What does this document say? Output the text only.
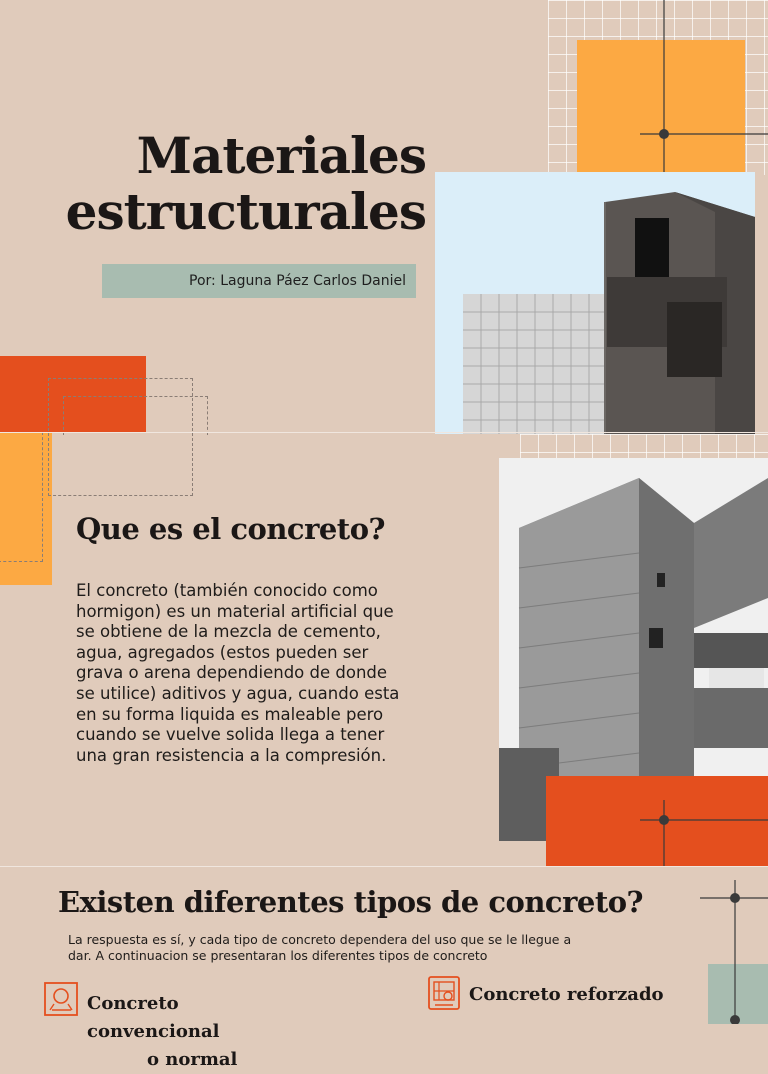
Materiales
estructurales
Por: Laguna Páez Carlos Daniel
Que es el concreto?
El concreto (también conocido como
hormigon) es un material artificial que
se obtiene de la mezcla de cemento,
agua, agregados (estos pueden ser
grava o arena dependiendo de donde
se utilice) aditivos y agua, cuando esta
en su forma liquida es maleable pero
cuando se vuelve solida llega a tener
una gran resistencia a la compresión.
Existen diferentes tipos de concreto?
La respuesta es sí, y cada tipo de concreto dependera del uso que se le llegue a
dar. A continuacion se presentaran los diferentes tipos de concreto
Concreto convencional
o normal
Concreto reforzado
